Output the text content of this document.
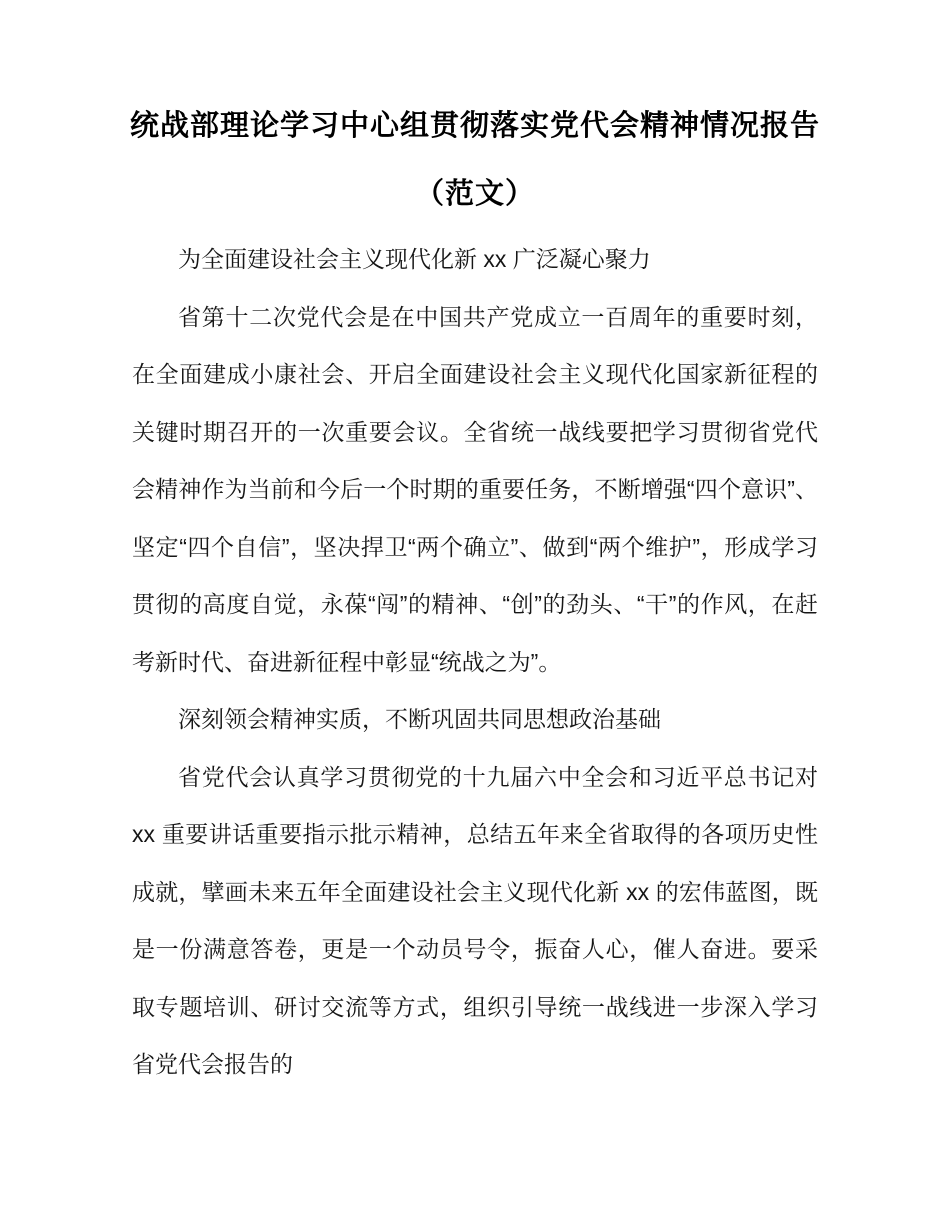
统战部理论学习中心组贯彻落实党代会精神情况报告
（范文）

为全面建设社会主义现代化新 xx 广泛凝心聚力

省第十二次党代会是在中国共产党成立一百周年的重要时刻，在全面建成小康社会、开启全面建设社会主义现代化国家新征程的关键时期召开的一次重要会议。全省统一战线要把学习贯彻省党代会精神作为当前和今后一个时期的重要任务，不断增强“四个意识”、坚定“四个自信”，坚决捍卫“两个确立”、做到“两个维护”，形成学习贯彻的高度自觉，永葆“闯”的精神、“创”的劲头、“干”的作风，在赶考新时代、奋进新征程中彰显“统战之为”。

深刻领会精神实质，不断巩固共同思想政治基础

省党代会认真学习贯彻党的十九届六中全会和习近平总书记对 xx 重要讲话重要指示批示精神，总结五年来全省取得的各项历史性成就，擘画未来五年全面建设社会主义现代化新 xx 的宏伟蓝图，既是一份满意答卷，更是一个动员号令，振奋人心，催人奋进。要采取专题培训、研讨交流等方式，组织引导统一战线进一步深入学习省党代会报告的
